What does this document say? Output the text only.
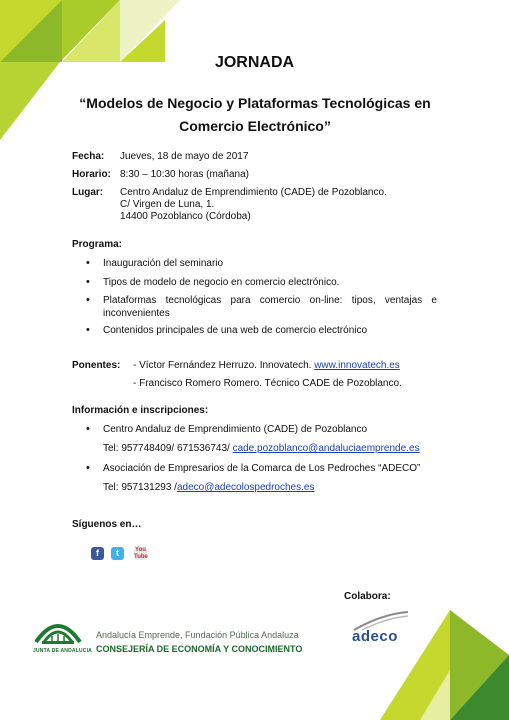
JORNADA
“Modelos de Negocio y Plataformas Tecnológicas en
Comercio Electrónico”
Fecha: Jueves, 18 de mayo de 2017
Horario: 8:30 – 10:30 horas (mañana)
Lugar: Centro Andaluz de Emprendimiento (CADE) de Pozoblanco.
C/ Virgen de Luna, 1.
14400 Pozoblanco (Córdoba)
Programa:
• Inauguración del seminario
• Tipos de modelo de negocio en comercio electrónico.
• Plataformas tecnológicas para comercio on-line: tipos, ventajas e inconvenientes
• Contenidos principales de una web de comercio electrónico
Ponentes: - Víctor Fernández Herruzo. Innovatech. www.innovatech.es
- Francisco Romero Romero. Técnico CADE de Pozoblanco.
Información e inscripciones:
• Centro Andaluz de Emprendimiento (CADE) de Pozoblanco
Tel: 957748409/ 671536743/ cade.pozoblanco@andaluciaemprende.es
• Asociación de Empresarios de la Comarca de Los Pedroches “ADECO”
Tel: 957131293 /adeco@adecolospedroches.es
Síguenos en…
f	t	You Tube
Colabora:
adeco
JUNTA DE ANDALUCIA
Andalucía Emprende, Fundación Pública Andaluza
CONSEJERÍA DE ECONOMÍA Y CONOCIMIENTO
